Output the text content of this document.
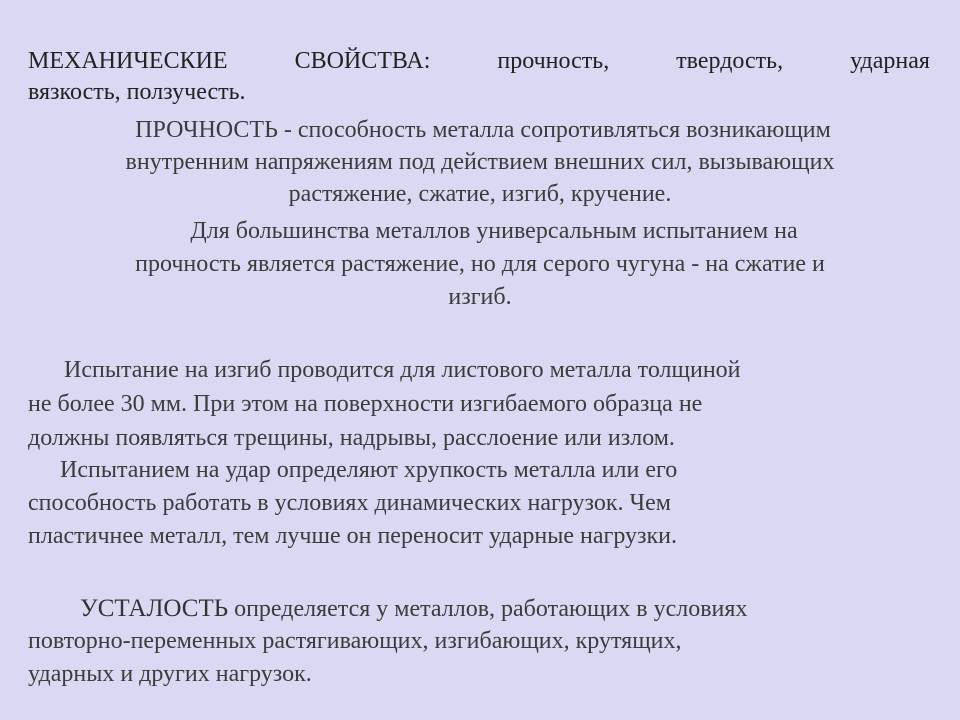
МЕХАНИЧЕСКИЕ	СВОЙСТВА:	прочность,	твердость,	ударная
вязкость, ползучесть.
ПРОЧНОСТЬ - способность металла сопротивляться возникающим
внутренним напряжениям под действием внешних сил, вызывающих
растяжение, сжатие, изгиб, кручение.
Для большинства металлов универсальным испытанием на
прочность является растяжение, но для серого чугуна - на сжатие и
изгиб.
Испытание на изгиб проводится для листового металла толщиной
не более 30 мм. При этом на поверхности изгибаемого образца не
должны появляться трещины, надрывы, расслоение или излом.
Испытанием на удар определяют хрупкость металла или его
способность работать в условиях динамических нагрузок. Чем
пластичнее металл, тем лучше он переносит ударные нагрузки.
УСТАЛОСТЬ определяется у металлов, работающих в условиях
повторно-переменных растягивающих, изгибающих, крутящих,
ударных и других нагрузок.
